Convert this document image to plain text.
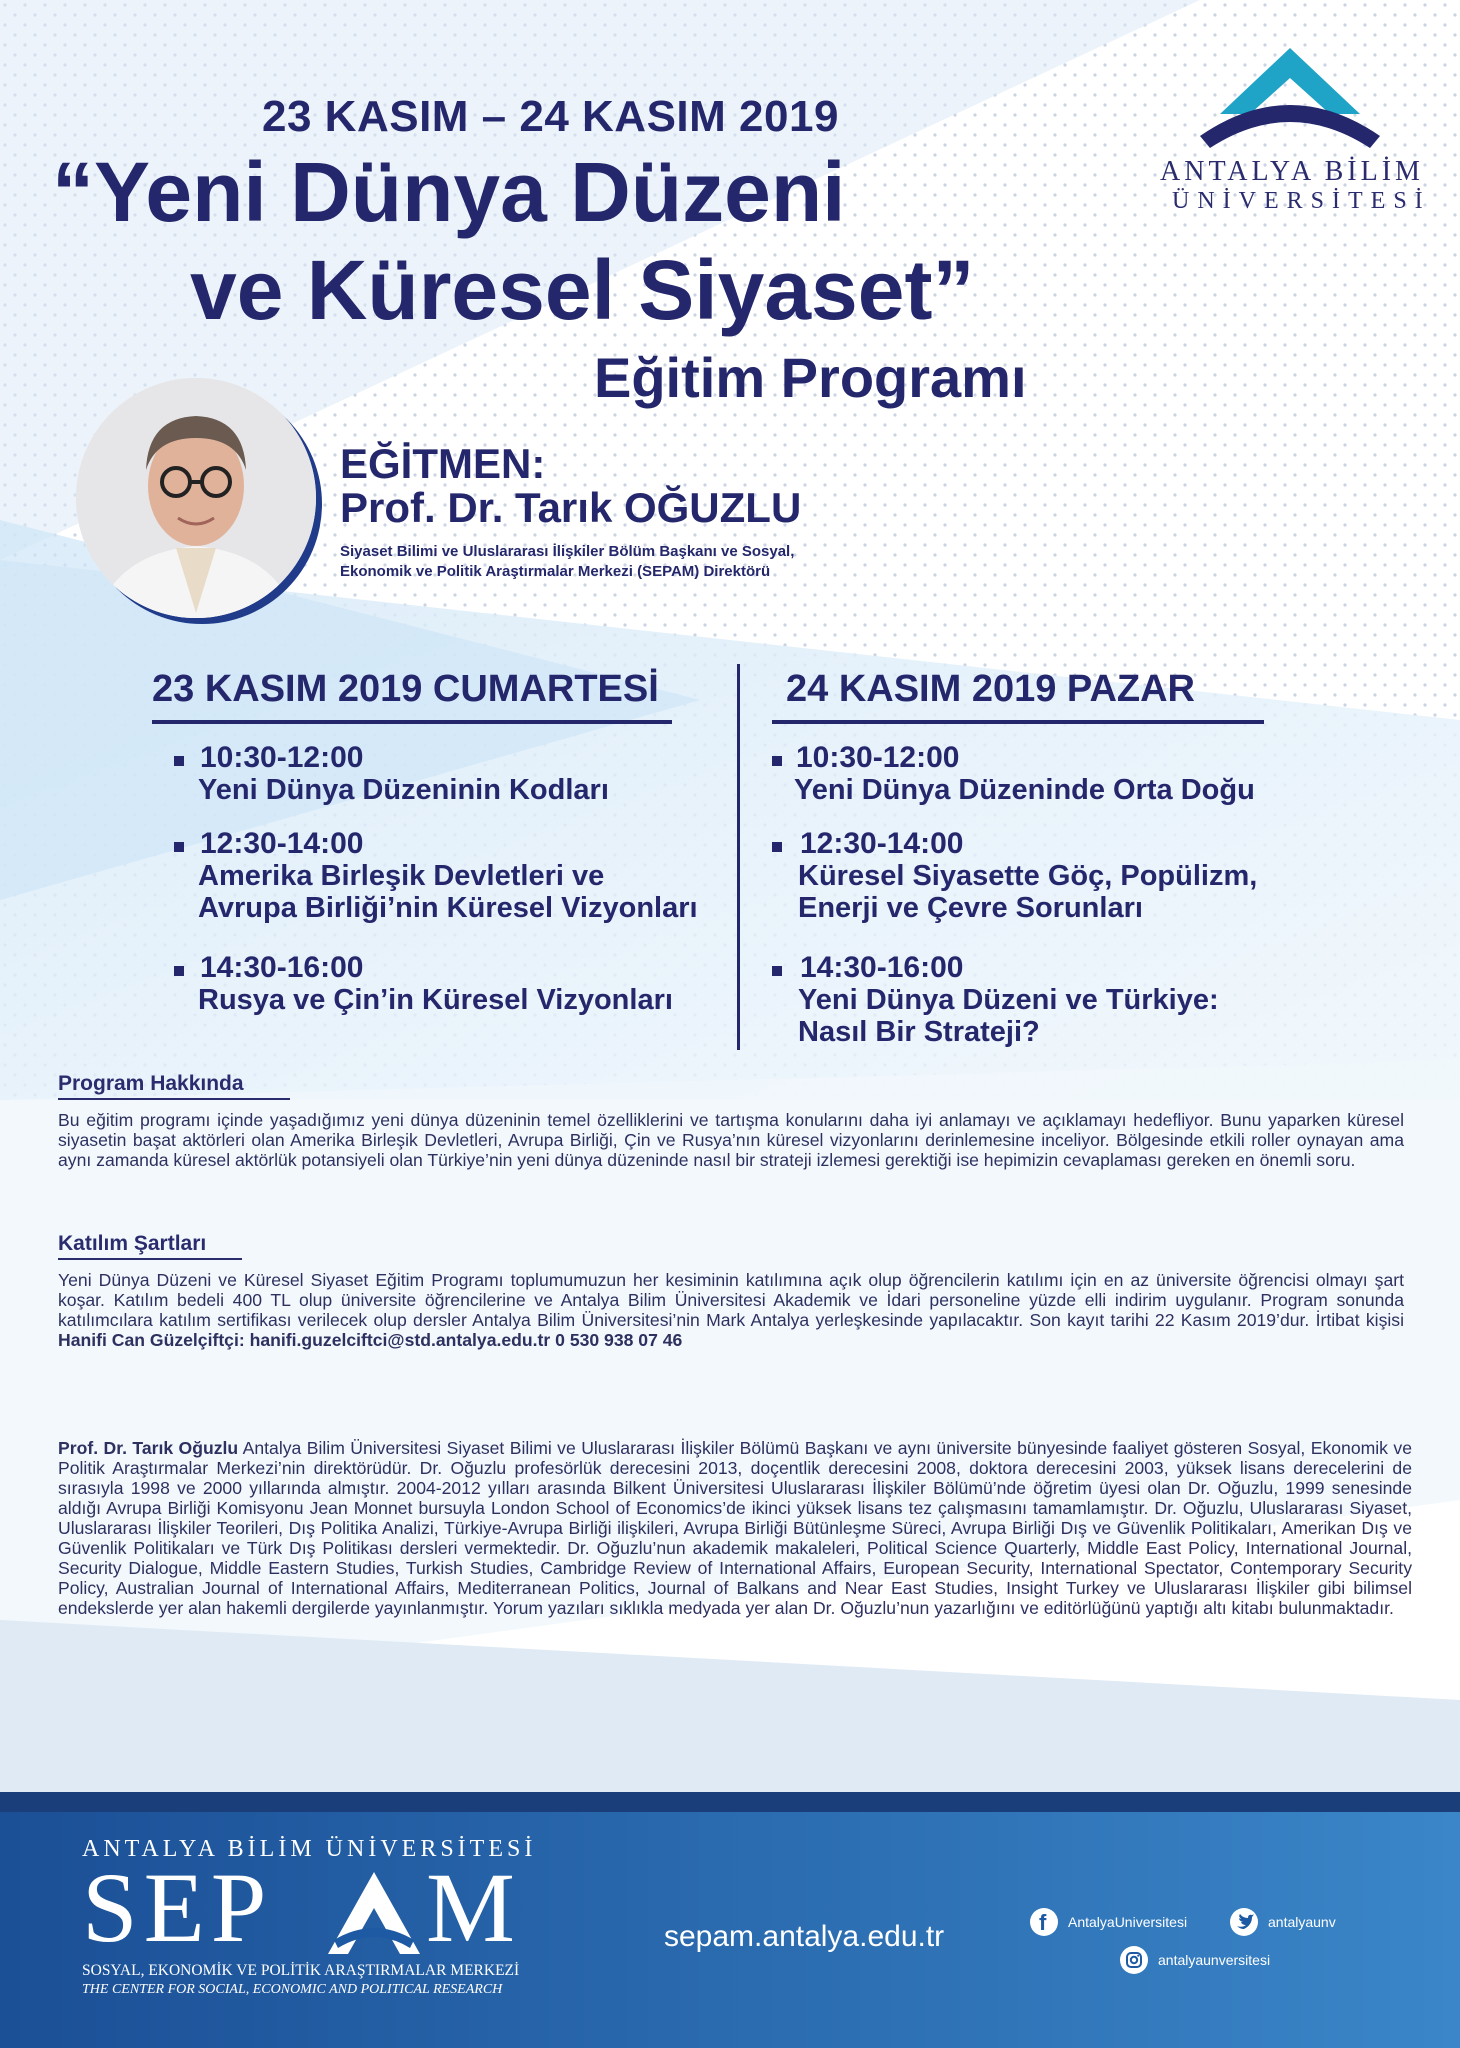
23 KASIM – 24 KASIM 2019
“Yeni Dünya Düzeni
ve Küresel Siyaset”
Eğitim Programı
ANTALYA BİLİM
ÜNİVERSİTESİ
EĞİTMEN:
Prof. Dr. Tarık OĞUZLU
Siyaset Bilimi ve Uluslararası İlişkiler Bölüm Başkanı ve Sosyal,
Ekonomik ve Politik Araştırmalar Merkezi (SEPAM) Direktörü
23 KASIM 2019 CUMARTESİ
10:30-12:00
Yeni Dünya Düzeninin Kodları
12:30-14:00
Amerika Birleşik Devletleri ve
Avrupa Birliği’nin Küresel Vizyonları
14:30-16:00
Rusya ve Çin’in Küresel Vizyonları
24 KASIM 2019 PAZAR
10:30-12:00
Yeni Dünya Düzeninde Orta Doğu
12:30-14:00
Küresel Siyasette Göç, Popülizm,
Enerji ve Çevre Sorunları
14:30-16:00
Yeni Dünya Düzeni ve Türkiye:
Nasıl Bir Strateji?
Program Hakkında
Bu eğitim programı içinde yaşadığımız yeni dünya düzeninin temel özelliklerini ve tartışma konularını daha iyi anlamayı ve açıklamayı hedefliyor. Bunu yaparken küresel siyasetin başat aktörleri olan Amerika Birleşik Devletleri, Avrupa Birliği, Çin ve Rusya’nın küresel vizyonlarını derinlemesine inceliyor. Bölgesinde etkili roller oynayan ama aynı zamanda küresel aktörlük potansiyeli olan Türkiye’nin yeni dünya düzeninde nasıl bir strateji izlemesi gerektiği ise hepimizin cevaplaması gereken en önemli soru.
Katılım Şartları
Yeni Dünya Düzeni ve Küresel Siyaset Eğitim Programı toplumumuzun her kesiminin katılımına açık olup öğrencilerin katılımı için en az üniversite öğrencisi olmayı şart koşar. Katılım bedeli 400 TL olup üniversite öğrencilerine ve Antalya Bilim Üniversitesi Akademik ve İdari personeline yüzde elli indirim uygulanır. Program sonunda katılımcılara katılım sertifikası verilecek olup dersler Antalya Bilim Üniversitesi’nin Mark Antalya yerleşkesinde yapılacaktır. Son kayıt tarihi 22 Kasım 2019’dur. İrtibat kişisi Hanifi Can Güzelçiftçi: hanifi.guzelciftci@std.antalya.edu.tr 0 530 938 07 46
Prof. Dr. Tarık Oğuzlu Antalya Bilim Üniversitesi Siyaset Bilimi ve Uluslararası İlişkiler Bölümü Başkanı ve aynı üniversite bünyesinde faaliyet gösteren Sosyal, Ekonomik ve Politik Araştırmalar Merkezi’nin direktörüdür. Dr. Oğuzlu profesörlük derecesini 2013, doçentlik derecesini 2008, doktora derecesini 2003, yüksek lisans derecelerini de sırasıyla 1998 ve 2000 yıllarında almıştır. 2004-2012 yılları arasında Bilkent Üniversitesi Uluslararası İlişkiler Bölümü’nde öğretim üyesi olan Dr. Oğuzlu, 1999 senesinde aldığı Avrupa Birliği Komisyonu Jean Monnet bursuyla London School of Economics’de ikinci yüksek lisans tez çalışmasını tamamlamıştır. Dr. Oğuzlu, Uluslararası Siyaset, Uluslararası İlişkiler Teorileri, Dış Politika Analizi, Türkiye-Avrupa Birliği ilişkileri, Avrupa Birliği Bütünleşme Süreci, Avrupa Birliği Dış ve Güvenlik Politikaları, Amerikan Dış ve Güvenlik Politikaları ve Türk Dış Politikası dersleri vermektedir. Dr. Oğuzlu’nun akademik makaleleri, Political Science Quarterly, Middle East Policy, International Journal, Security Dialogue, Middle Eastern Studies, Turkish Studies, Cambridge Review of International Affairs, European Security, International Spectator, Contemporary Security Policy, Australian Journal of International Affairs, Mediterranean Politics, Journal of Balkans and Near East Studies, Insight Turkey ve Uluslararası İlişkiler gibi bilimsel endekslerde yer alan hakemli dergilerde yayınlanmıştır. Yorum yazıları sıklıkla medyada yer alan Dr. Oğuzlu’nun yazarlığını ve editörlüğünü yaptığı altı kitabı bulunmaktadır.
ANTALYA BİLİM ÜNİVERSİTESİ
SEP M
SOSYAL, EKONOMİK VE POLİTİK ARAŞTIRMALAR MERKEZİ
THE CENTER FOR SOCIAL, ECONOMIC AND POLITICAL RESEARCH
sepam.antalya.edu.tr	f AntalyaUniversitesi	antalyaunv
antalyaunversitesi
